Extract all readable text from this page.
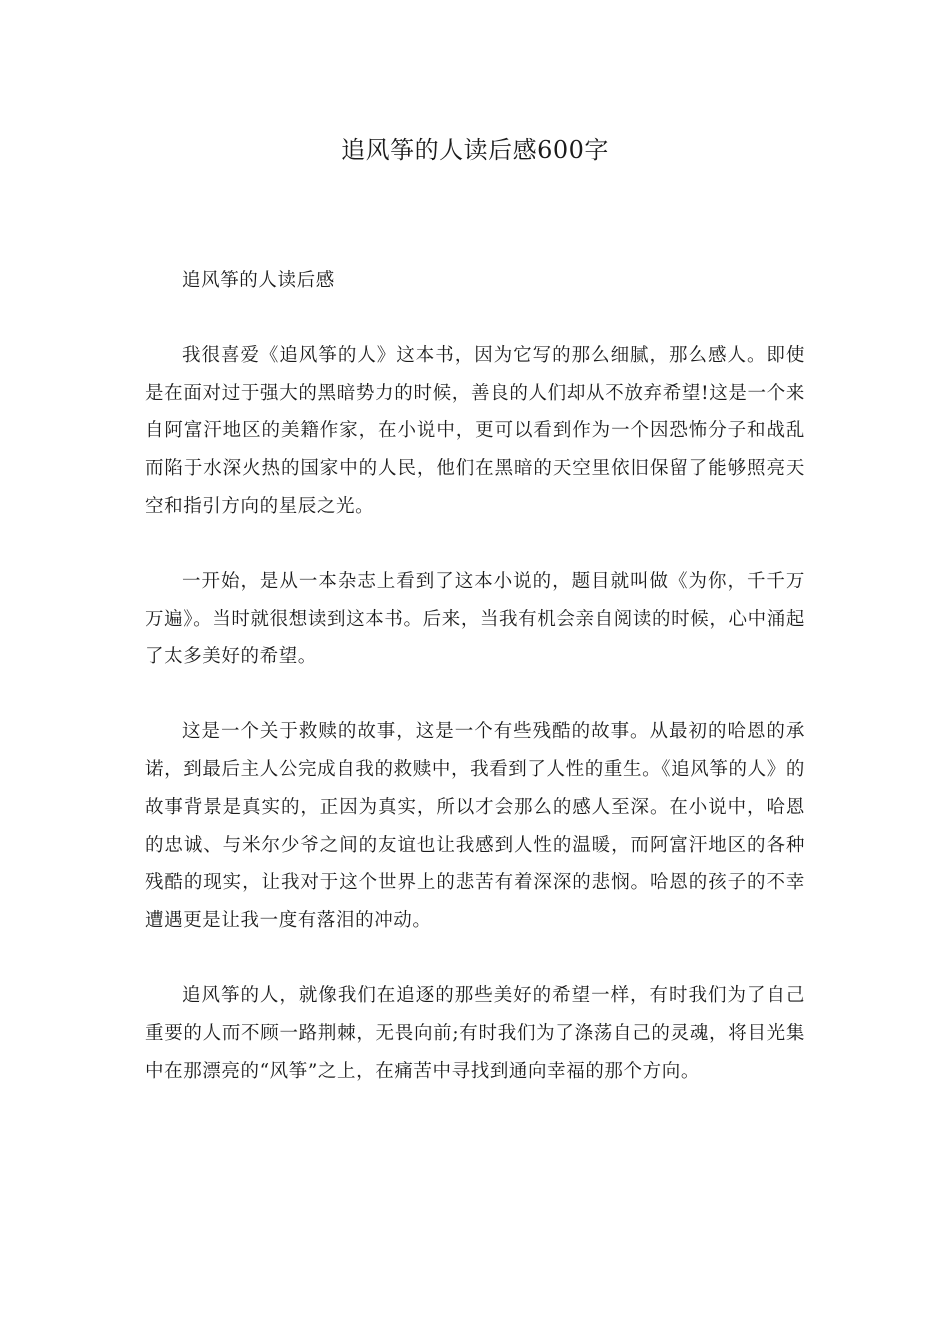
追风筝的人读后感600字

追风筝的人读后感

我很喜爱《追风筝的人》这本书，因为它写的那么细腻，那么感人。即使是在面对过于强大的黑暗势力的时候，善良的人们却从不放弃希望!这是一个来自阿富汗地区的美籍作家，在小说中，更可以看到作为一个因恐怖分子和战乱而陷于水深火热的国家中的人民，他们在黑暗的天空里依旧保留了能够照亮天空和指引方向的星辰之光。

一开始，是从一本杂志上看到了这本小说的，题目就叫做《为你，千千万万遍》。当时就很想读到这本书。后来，当我有机会亲自阅读的时候，心中涌起了太多美好的希望。

这是一个关于救赎的故事，这是一个有些残酷的故事。从最初的哈恩的承诺，到最后主人公完成自我的救赎中，我看到了人性的重生。《追风筝的人》的故事背景是真实的，正因为真实，所以才会那么的感人至深。在小说中，哈恩的忠诚、与米尔少爷之间的友谊也让我感到人性的温暖，而阿富汗地区的各种残酷的现实，让我对于这个世界上的悲苦有着深深的悲悯。哈恩的孩子的不幸遭遇更是让我一度有落泪的冲动。

追风筝的人，就像我们在追逐的那些美好的希望一样，有时我们为了自己重要的人而不顾一路荆棘，无畏向前;有时我们为了涤荡自己的灵魂，将目光集中在那漂亮的“风筝”之上，在痛苦中寻找到通向幸福的那个方向。
